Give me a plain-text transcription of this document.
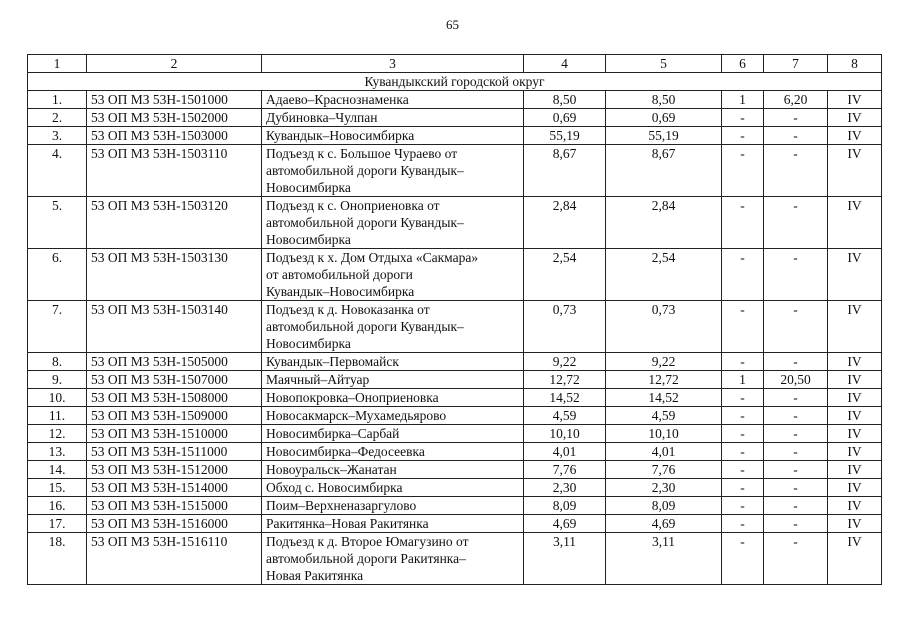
65
1	2	3	4	5	6	7	8
Кувандыкский городской округ							
1.	53 ОП МЗ 53Н-1501000	Адаево–Краснознаменка	8,50	8,50	1	6,20	IV
2.	53 ОП МЗ 53Н-1502000	Дубиновка–Чулпан	0,69	0,69	-	-	IV
3.	53 ОП МЗ 53Н-1503000	Кувандык–Новосимбирка	55,19	55,19	-	-	IV
4.	53 ОП МЗ 53Н-1503110	Подъезд к с. Большое Чураево от
автомобильной дороги Кувандык–
Новосимбирка	8,67	8,67	-	-	IV
5.	53 ОП МЗ 53Н-1503120	Подъезд к с. Оноприеновка от
автомобильной дороги Кувандык–
Новосимбирка	2,84	2,84	-	-	IV
6.	53 ОП МЗ 53Н-1503130	Подъезд к х. Дом Отдыха «Сакмара»
от автомобильной дороги
Кувандык–Новосимбирка	2,54	2,54	-	-	IV
7.	53 ОП МЗ 53Н-1503140	Подъезд к д. Новоказанка от
автомобильной дороги Кувандык–
Новосимбирка	0,73	0,73	-	-	IV
8.	53 ОП МЗ 53Н-1505000	Кувандык–Первомайск	9,22	9,22	-	-	IV
9.	53 ОП МЗ 53Н-1507000	Маячный–Айтуар	12,72	12,72	1	20,50	IV
10.	53 ОП МЗ 53Н-1508000	Новопокровка–Оноприеновка	14,52	14,52	-	-	IV
11.	53 ОП МЗ 53Н-1509000	Новосакмарск–Мухамедьярово	4,59	4,59	-	-	IV
12.	53 ОП МЗ 53Н-1510000	Новосимбирка–Сарбай	10,10	10,10	-	-	IV
13.	53 ОП МЗ 53Н-1511000	Новосимбирка–Федосеевка	4,01	4,01	-	-	IV
14.	53 ОП МЗ 53Н-1512000	Новоуральск–Жанатан	7,76	7,76	-	-	IV
15.	53 ОП МЗ 53Н-1514000	Обход с. Новосимбирка	2,30	2,30	-	-	IV
16.	53 ОП МЗ 53Н-1515000	Поим–Верхненазаргулово	8,09	8,09	-	-	IV
17.	53 ОП МЗ 53Н-1516000	Ракитянка–Новая Ракитянка	4,69	4,69	-	-	IV
18.	53 ОП МЗ 53Н-1516110	Подъезд к д. Второе Юмагузино от
автомобильной дороги Ракитянка–
Новая Ракитянка	3,11	3,11	-	-	IV
